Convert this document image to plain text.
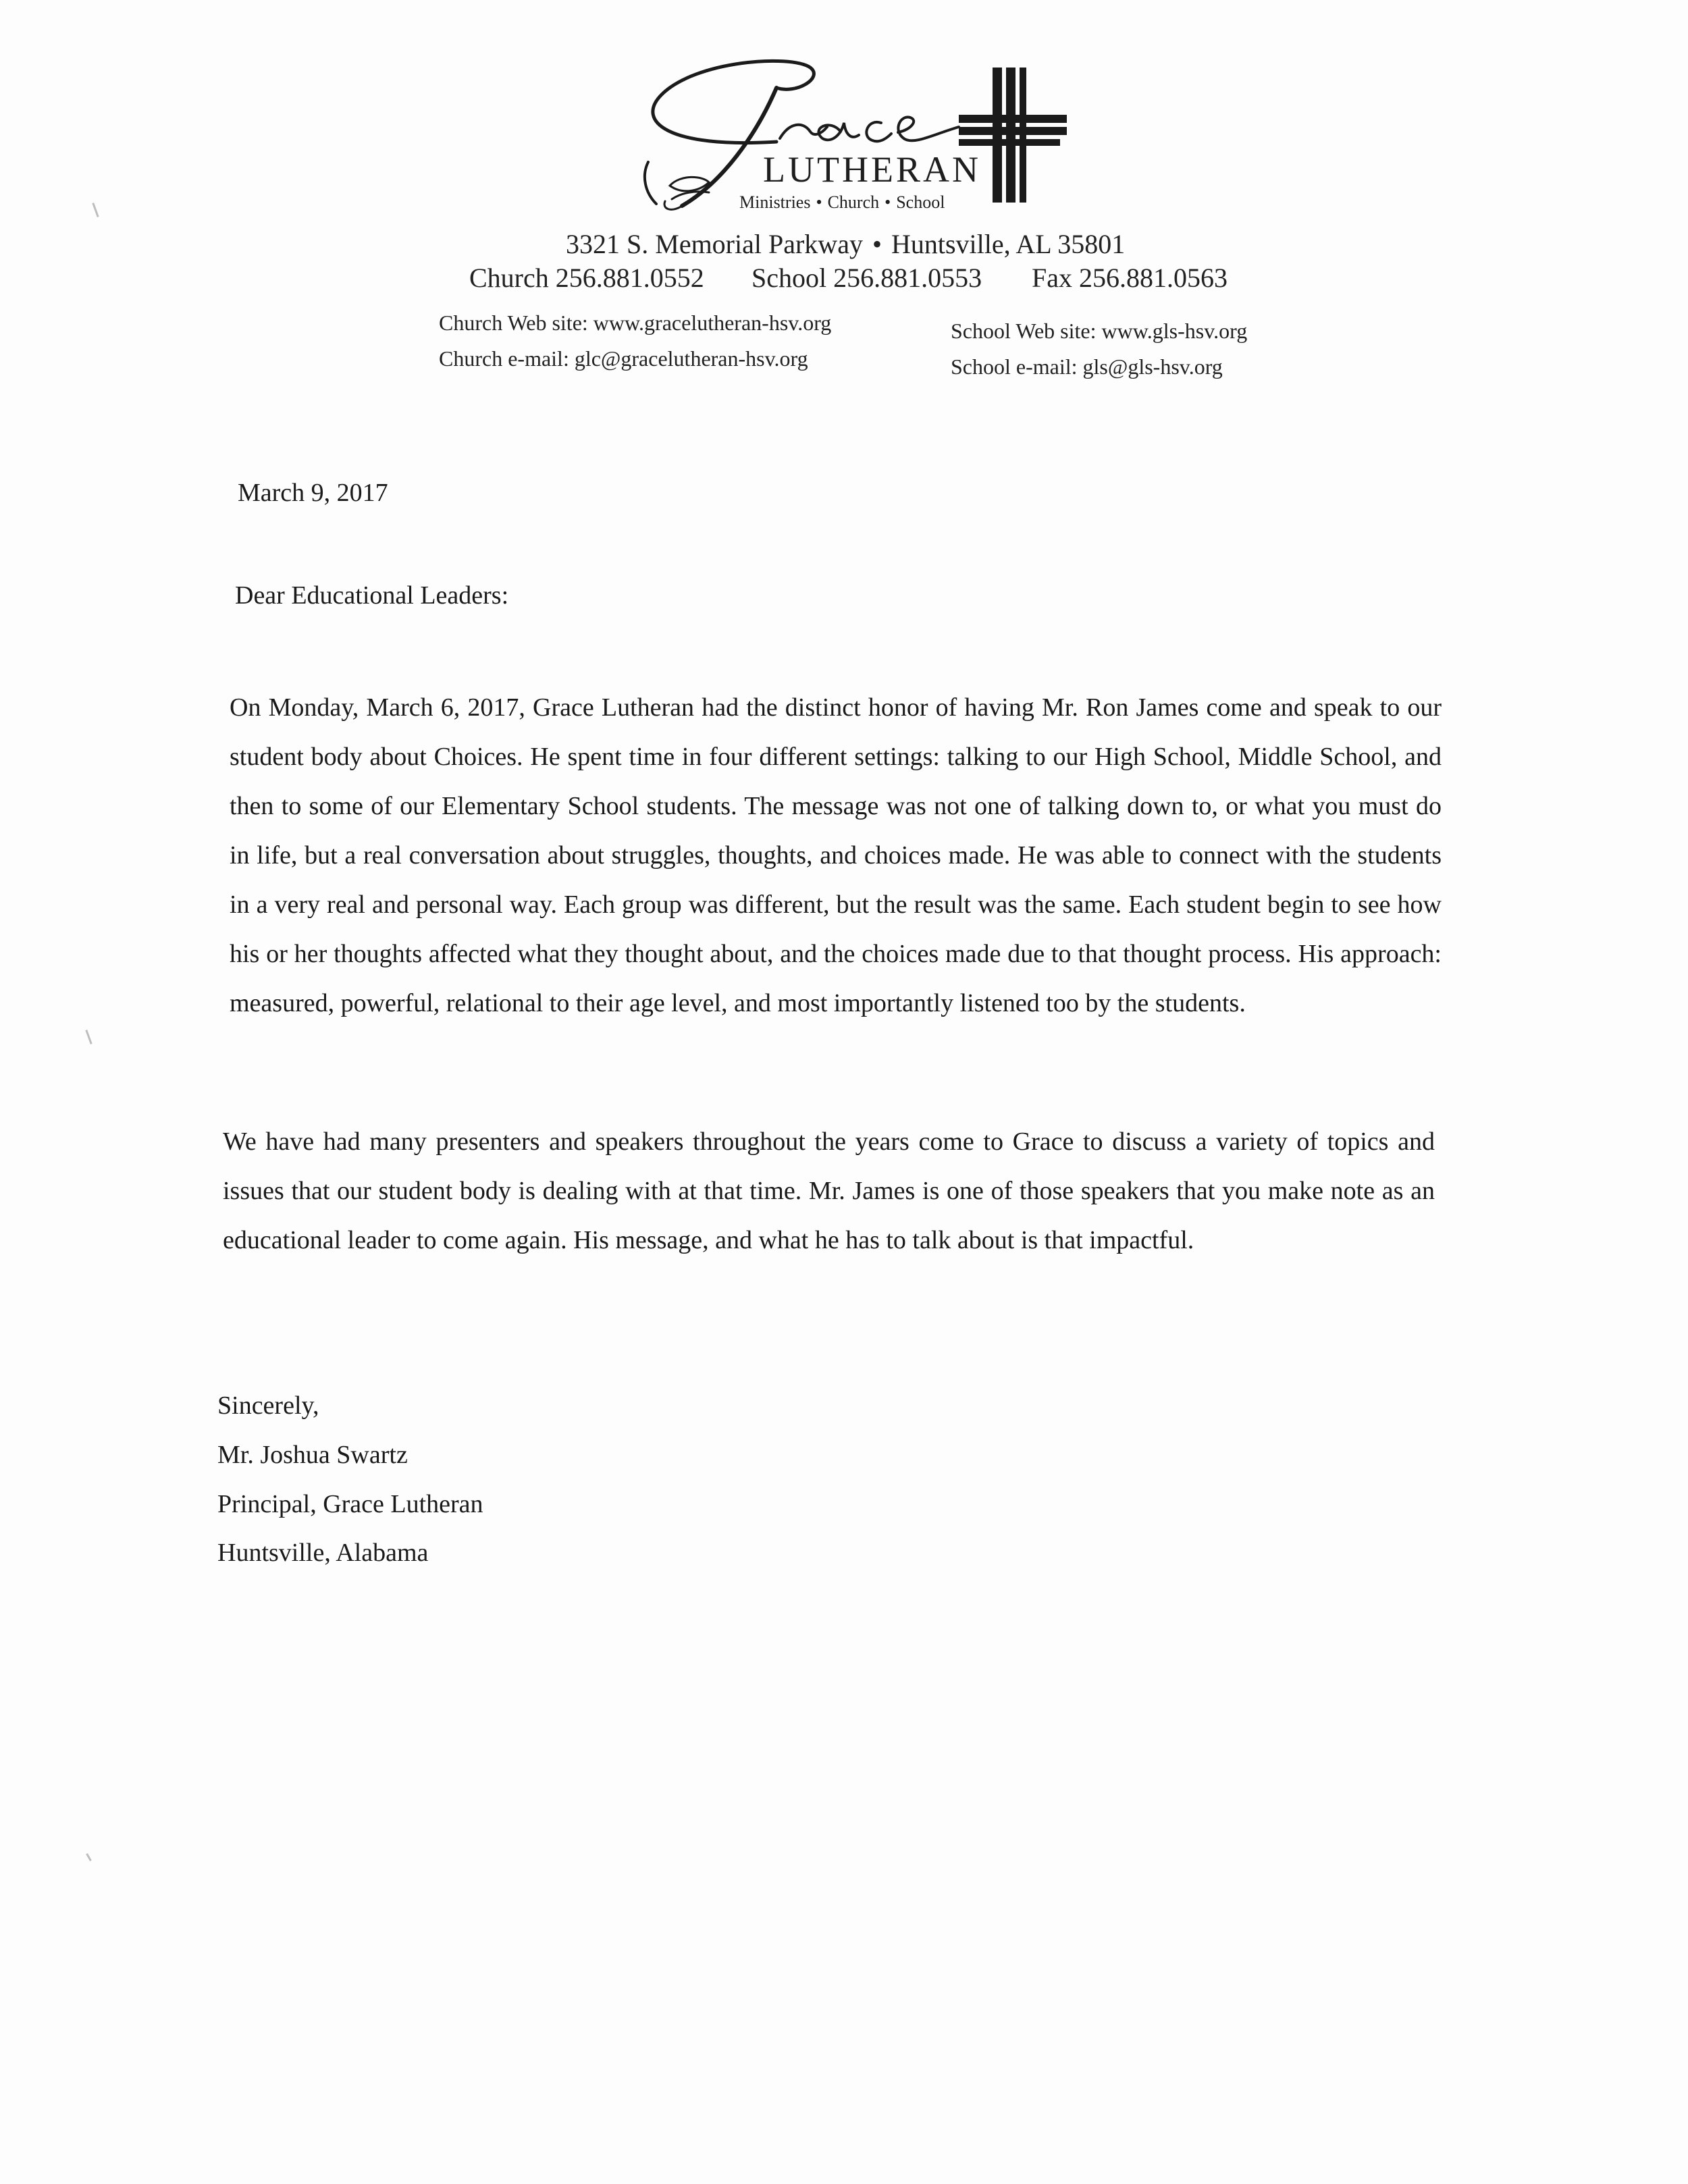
LUTHERAN
Ministries • Church • School
3321 S. Memorial Parkway • Huntsville, AL 35801
Church 256.881.0552 School 256.881.0553 Fax 256.881.0563
Church Web site: www.gracelutheran-hsv.org
Church e-mail: glc@gracelutheran-hsv.org
School Web site: www.gls-hsv.org
School e-mail: gls@gls-hsv.org
March 9, 2017
Dear Educational Leaders:
On Monday, March 6, 2017, Grace Lutheran had the distinct honor of having Mr. Ron James come and speak to our student body about Choices. He spent time in four different settings: talking to our High School, Middle School, and then to some of our Elementary School students. The message was not one of talking down to, or what you must do in life, but a real conversation about struggles, thoughts, and choices made. He was able to connect with the students in a very real and personal way. Each group was different, but the result was the same. Each student begin to see how his or her thoughts affected what they thought about, and the choices made due to that thought process. His approach: measured, powerful, relational to their age level, and most importantly listened too by the students.
We have had many presenters and speakers throughout the years come to Grace to discuss a variety of topics and issues that our student body is dealing with at that time. Mr. James is one of those speakers that you make note as an educational leader to come again. His message, and what he has to talk about is that impactful.
Sincerely,
Mr. Joshua Swartz
Principal, Grace Lutheran
Huntsville, Alabama
